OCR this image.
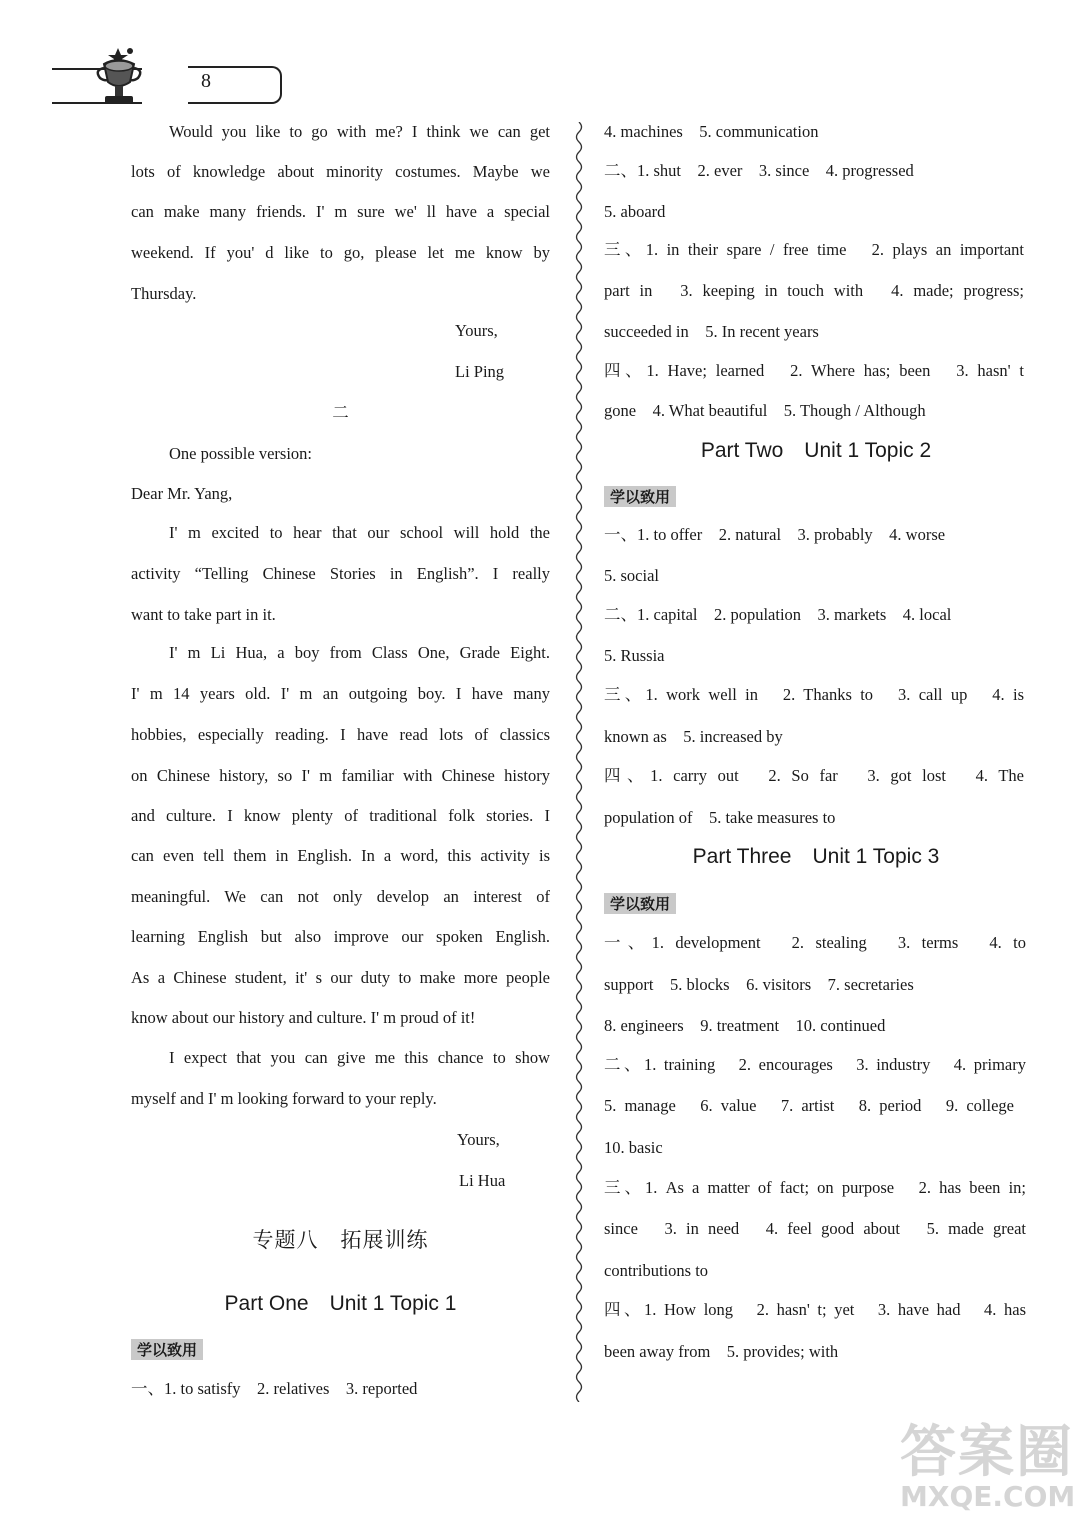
8
Would you like to go with me? I think we can get
lots of knowledge about minority costumes. Maybe we
can make many friends. I' m sure we' ll have a special
weekend. If you' d like to go, please let me know by
Thursday.
Yours,
Li Ping
二
One possible version:
Dear Mr. Yang,
I' m excited to hear that our school will hold the
activity “Telling Chinese Stories in English”. I really
want to take part in it.
I' m Li Hua, a boy from Class One, Grade Eight.
I' m 14 years old. I' m an outgoing boy. I have many
hobbies, especially reading. I have read lots of classics
on Chinese history, so I' m familiar with Chinese history
and culture. I know plenty of traditional folk stories. I
can even tell them in English. In a word, this activity is
meaningful. We can not only develop an interest of
learning English but also improve our spoken English.
As a Chinese student, it' s our duty to make more people
know about our history and culture. I' m proud of it!
I expect that you can give me this chance to show
myself and I' m looking forward to your reply.
Yours,
Li Hua
专题八　拓展训练
Part One　Unit 1 Topic 1
学以致用
一、1. to satisfy　2. relatives　3. reported
4. machines　5. communication
二、1. shut　2. ever　3. since　4. progressed
5. aboard
三、1. in their spare / free time　2. plays an important
part in　3. keeping in touch with　4. made; progress;
succeeded in　5. In recent years
四、1. Have; learned　2. Where has; been　3. hasn' t
gone　4. What beautiful　5. Though / Although
Part Two　Unit 1 Topic 2
学以致用
一、1. to offer　2. natural　3. probably　4. worse
5. social
二、1. capital　2. population　3. markets　4. local
5. Russia
三、1. work well in　2. Thanks to　3. call up　4. is
known as　5. increased by
四、1. carry out　2. So far　3. got lost　4. The
population of　5. take measures to
Part Three　Unit 1 Topic 3
学以致用
一、1. development　2. stealing　3. terms　4. to
support　5. blocks　6. visitors　7. secretaries
8. engineers　9. treatment　10. continued
二、1. training　2. encourages　3. industry　4. primary
5. manage　6. value　7. artist　8. period　9. college
10. basic
三、1. As a matter of fact; on purpose　2. has been in;
since　3. in need　4. feel good about　5. made great
contributions to
四、1. How long　2. hasn' t; yet　3. have had　4. has
been away from　5. provides; with
答案圈
MXQE.COM
